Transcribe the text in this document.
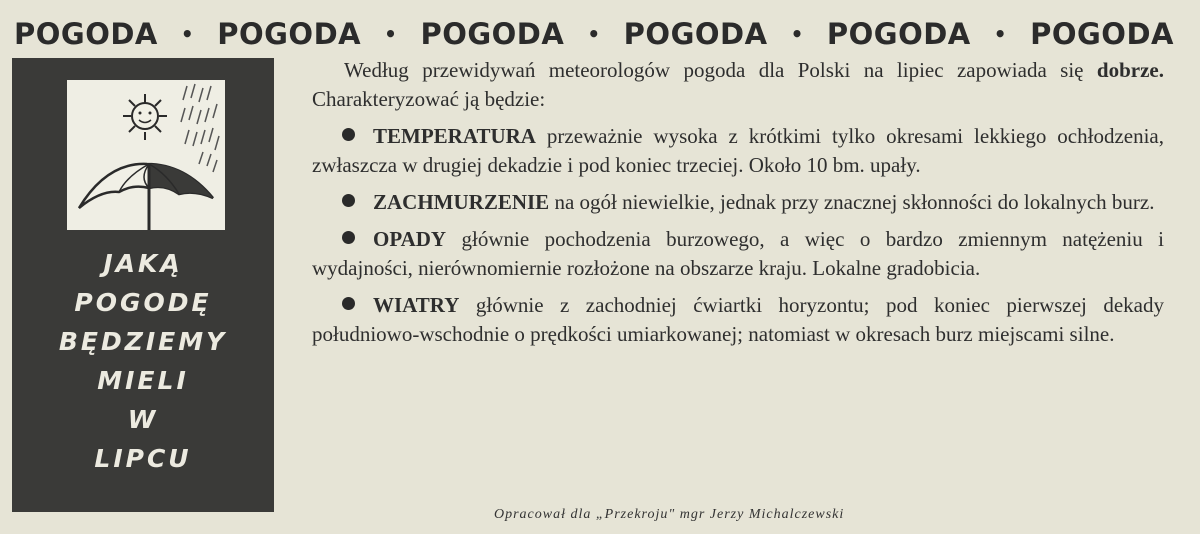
POGODA • POGODA • POGODA • POGODA • POGODA • POGODA
JAKĄ
POGODĘ
BĘDZIEMY
MIELI
W
LIPCU

Według przewidywań meteorologów pogoda dla Polski na lipiec zapowiada się dobrze. Charakteryzować ją będzie:

TEMPERATURA przeważnie wysoka z krótkimi tylko okresami lekkiego ochłodzenia, zwłaszcza w drugiej dekadzie i pod koniec trzeciej. Około 10 bm. upały.

ZACHMURZENIE na ogół niewielkie, jednak przy znacznej skłonności do lokalnych burz.

OPADY głównie pochodzenia burzowego, a więc o bardzo zmiennym natężeniu i wydajności, nierównomiernie rozłożone na obszarze kraju. Lokalne gradobicia.

WIATRY głównie z zachodniej ćwiartki horyzontu; pod koniec pierwszej dekady południowo-wschodnie o prędkości umiarkowanej; natomiast w okresach burz miejscami silne.

Opracował dla „Przekroju" mgr Jerzy Michalczewski
